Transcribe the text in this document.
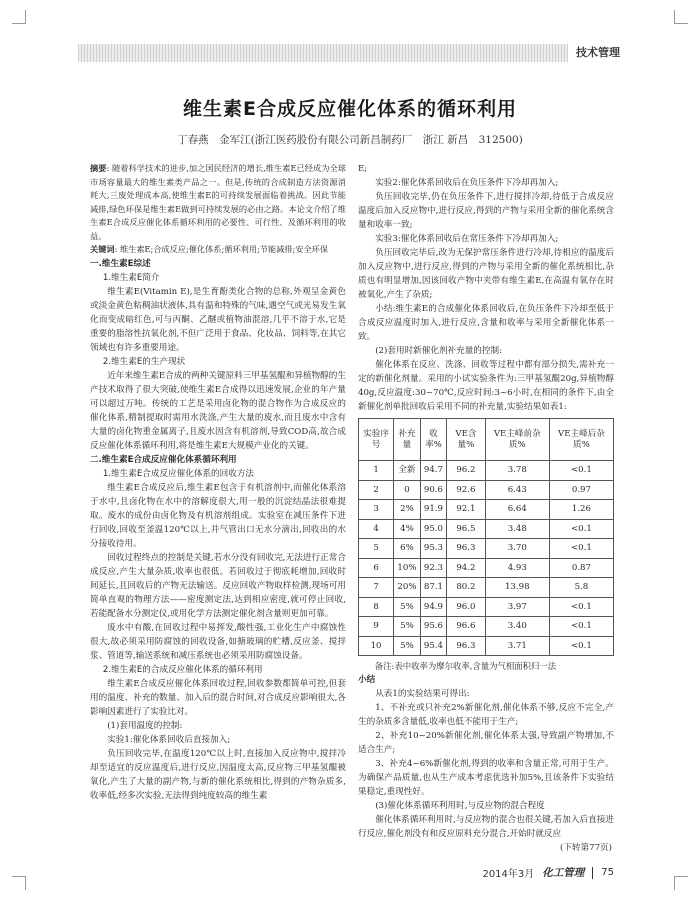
技术管理
维生素E合成反应催化体系的循环利用
丁春燕　金军江(浙江医药股份有限公司新昌制药厂　浙江 新昌　312500)
摘要: 随着科学技术的进步,加之国民经济的增长,维生素E已经成为全球市场容量最大的维生素类产品之一。但是,传统的合成制造方法资源消耗大,三废处理成本高,使维生素E的可持续发展面临着挑战。因此节能减排,绿色环保是维生素E做到可持续发展的必由之路。本论文介绍了维生素E合成反应催化体系循环利用的必要性、可行性、及循环利用的收益。
关键词: 维生素E;合成反应;催化体系;循环利用;节能减排;安全环保
一.维生素E综述
1.维生素E简介

维生素E(Vitamin E),是生育酚类化合物的总称,外观呈金黄色或淡金黄色粘稠油状液体,具有温和特殊的气味,遇空气或光易发生氧化而变成暗红色,可与丙酮、乙醚或植物油混溶,几乎不溶于水,它是重要的脂溶性抗氧化剂,不但广泛用于食品、化妆品、饲料等,在其它领域也有许多重要用途。

2.维生素E的生产现状

近年来维生素E合成的两种关键原料三甲基氢醌和异植物醇的生产技术取得了很大突破,使维生素E合成得以迅速发展,企业的年产量可以超过万吨。传统的工艺是采用卤化物的混合物作为合成反应的催化体系,精制提取时需用水洗涤,产生大量的废水,而且废水中含有大量的卤化物重金属离子,且废水因含有机溶剂,导致COD高,故合成反应催化体系循环利用,将是维生素E大规模产业化的关键。

二.维生素E合成反应催化体系循环利用
1.维生素E合成反应催化体系的回收方法

维生素E合成反应后,维生素E包含于有机溶剂中,而催化体系溶于水中,且卤化物在水中的溶解度很大,用一般的沉淀结晶法很难提取。废水的成份由卤化物及有机溶剂组成。实验室在减压条件下进行回收,回收至釜温120℃以上,并气管出口无水分滴出,回收出的水分接收待用。

回收过程终点的控制是关键,若水分没有回收完,无法进行正常合成反应,产生大量杂质,收率也很低。若回收过于彻底耗增加,回收时间延长,且回收后的产物无法输送。反应回收产物取样检测,现场可用简单直观的物理方法——密度测定法,达到相应密度,就可停止回收,若能配备水分测定仪,或用化学方法测定催化剂含量则更加可靠。

废水中有酸,在回收过程中易挥发,酸性强,工业化生产中腐蚀性很大,故必须采用防腐蚀的回收设备,如搪玻璃的贮槽,反应釜、搅拌浆、管道等,输送系统和减压系统也必须采用防腐蚀设备。

2.维生素E的合成反应催化体系的循环利用

维生素E合成反应催化体系回收过程,回收参数都简单可控,但套用的温度、补充的数量、加入后的混合时间,对合成反应影响很大,各影响因素进行了实验比对。

(1)套用温度的控制:

实验1:催化体系回收后直接加入;

负压回收完毕,在温度120℃以上时,直接加入反应物中,搅拌冷却至适宜的反应温度后,进行反应,因温度太高,反应物三甲基氢醌被氧化,产生了大量的副产物,与新的催化系统相比,得到的产物杂质多,收率低,经多次实验,无法得到纯度较高的维生素

E;

实验2:催化体系回收后在负压条件下冷却再加入;

负压回收完毕,仍在负压条件下,进行搅拌冷却,待低于合成反应温度后加入反应物中,进行反应,得到的产物与采用全新的催化系统含量和收率一致;

实验3:催化体系回收后在常压条件下冷却再加入;

负压回收完毕后,改为无保护常压条件进行冷却,待相应的温度后加入反应物中,进行反应,得到的产物与采用全新的催化系统相比,杂质也有明显增加,因该回收产物中夹带有维生素E,在高温有氧存在时被氧化,产生了杂质;

小结:维生素E的合成催化体系回收后,在负压条件下冷却至低于合成反应温度时加入,进行反应,含量和收率与采用全新催化体系一致。

(2)套用时新催化剂补充量的控制:

催化体系在反应、洗涤、回收等过程中都有部分损失,需补充一定的新催化剂量。采用的小试实验条件为:三甲基氢醌20g,异植物醇40g,反应温度:30~70℃,反应时间:3~6小时,在相同的条件下,由全新催化剂单批回收后采用不同的补充量,实验结果如表1:

实验序号	补充量	收率%	VE含量%	VE主峰前杂质%	VE主峰后杂质%
1	全新	94.7	96.2	3.78	<0.1
2	0	90.6	92.6	6.43	0.97
3	2%	91.9	92.1	6.64	1.26
4	4%	95.0	96.5	3.48	<0.1
5	6%	95.3	96.3	3.70	<0.1
6	10%	92.3	94.2	4.93	0.87
7	20%	87.1	80.2	13.98	5.8
8	5%	94.9	96.0	3.97	<0.1
9	5%	95.6	96.6	3.40	<0.1
10	5%	95.4	96.3	3.71	<0.1

备注:表中收率为摩尔收率,含量为气相面积归一法

小结

从表1的实验结果可得出:

1、不补充或只补充2%新催化剂,催化体系不够,反应不完全,产生的杂质多含量低,收率也低不能用于生产;

2、补充10~20%新催化剂,催化体系太强,导致副产物增加,不适合生产;

3、补充4~6%新催化剂,得到的收率和含量正常,可用于生产。为确保产品质量,也从生产成本考虑优选补加5%,且该条件下实验结果稳定,重现性好。

(3)催化体系循环利用时,与反应物的混合程度

催化体系循环利用时,与反应物的混合也很关键,若加入后直接进行反应,催化剂没有和反应原料充分混合,开始时就反应

(下转第77页)
2014年3月 化工管理 75
